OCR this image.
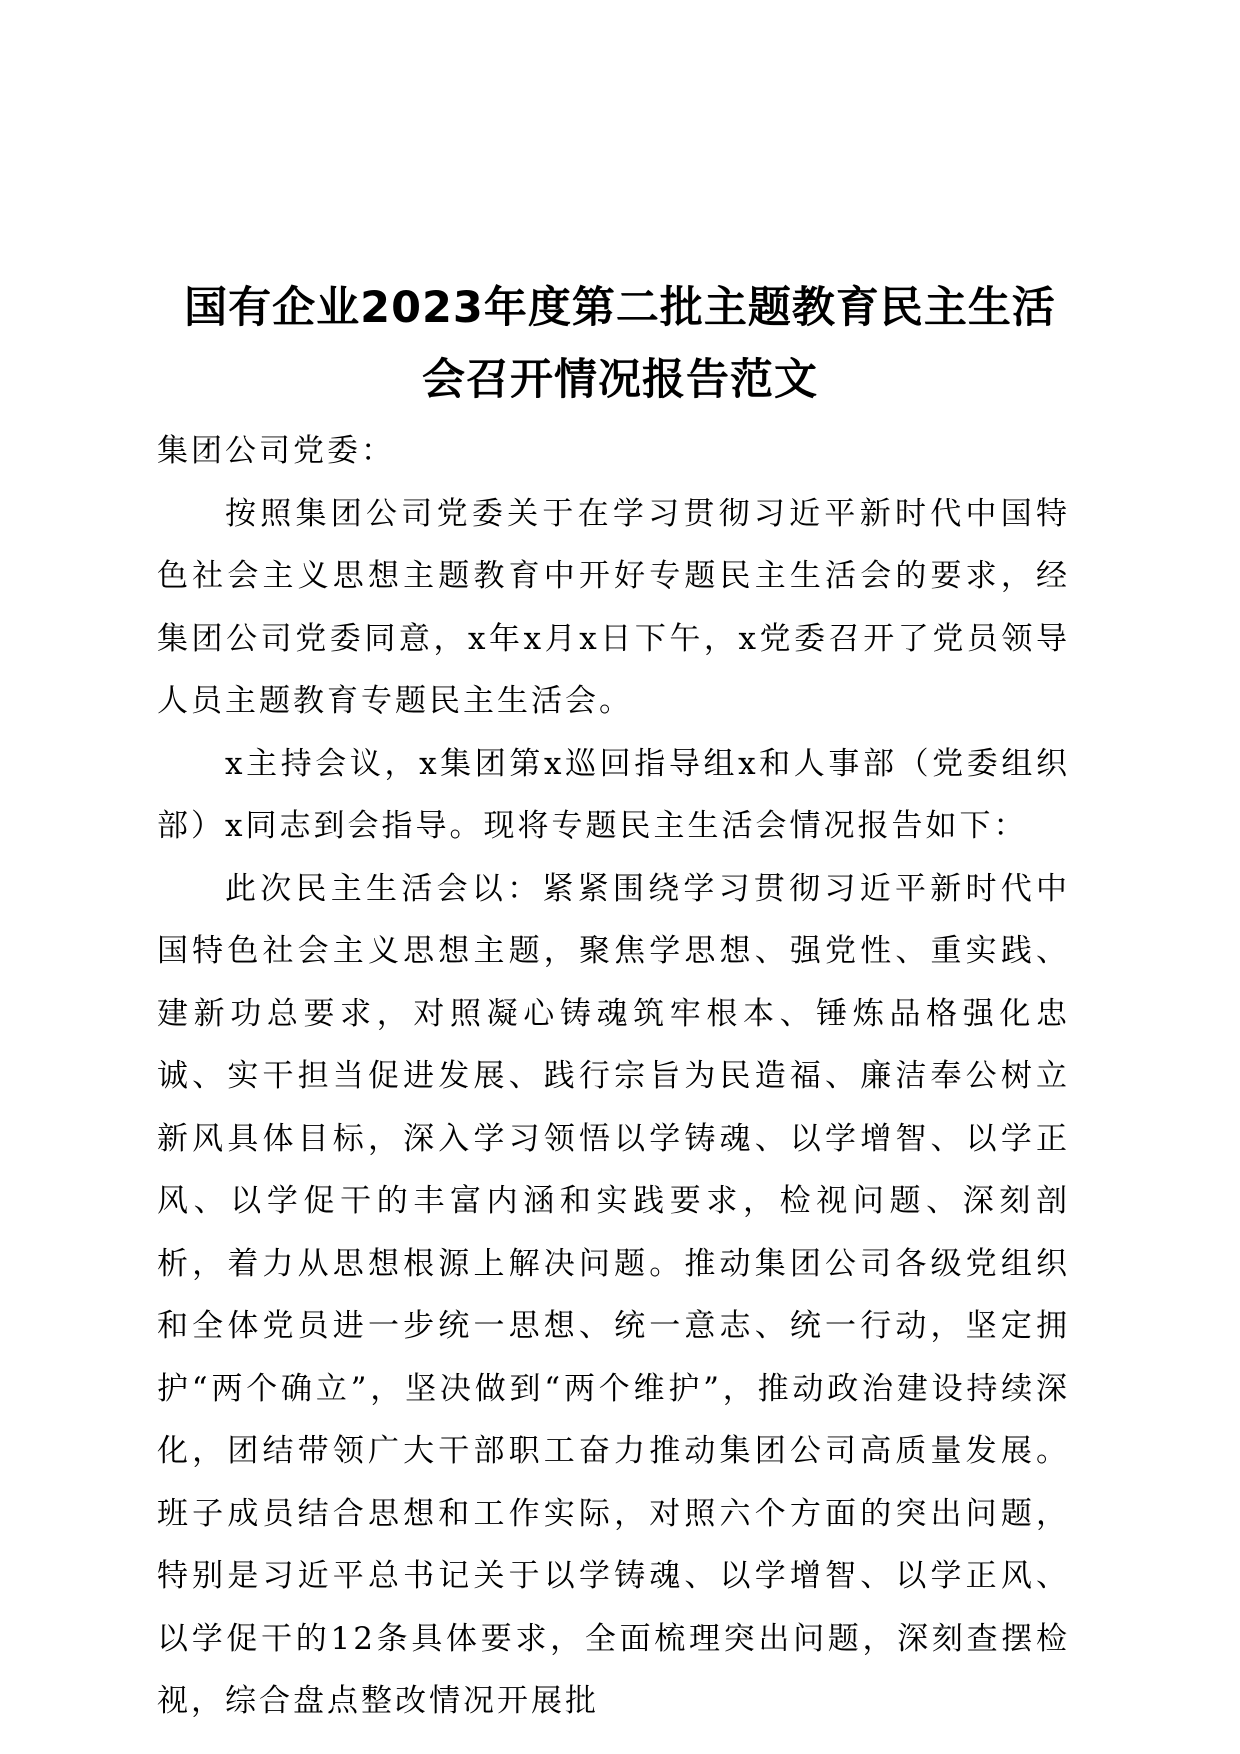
国有企业2023年度第二批主题教育民主生活
会召开情况报告范文

集团公司党委：

按照集团公司党委关于在学习贯彻习近平新时代中国特色社会主义思想主题教育中开好专题民主生活会的要求，经集团公司党委同意，x年x月x日下午，x党委召开了党员领导人员主题教育专题民主生活会。

x主持会议，x集团第x巡回指导组x和人事部（党委组织部）x同志到会指导。现将专题民主生活会情况报告如下：

此次民主生活会以：紧紧围绕学习贯彻习近平新时代中国特色社会主义思想主题，聚焦学思想、强党性、重实践、建新功总要求，对照凝心铸魂筑牢根本、锤炼品格强化忠诚、实干担当促进发展、践行宗旨为民造福、廉洁奉公树立新风具体目标，深入学习领悟以学铸魂、以学增智、以学正风、以学促干的丰富内涵和实践要求，检视问题、深刻剖析，着力从思想根源上解决问题。推动集团公司各级党组织和全体党员进一步统一思想、统一意志、统一行动，坚定拥护“两个确立”，坚决做到“两个维护”，推动政治建设持续深化，团结带领广大干部职工奋力推动集团公司高质量发展。班子成员结合思想和工作实际，对照六个方面的突出问题，特别是习近平总书记关于以学铸魂、以学增智、以学正风、以学促干的12条具体要求，全面梳理突出问题，深刻查摆检视，综合盘点整改情况开展批
